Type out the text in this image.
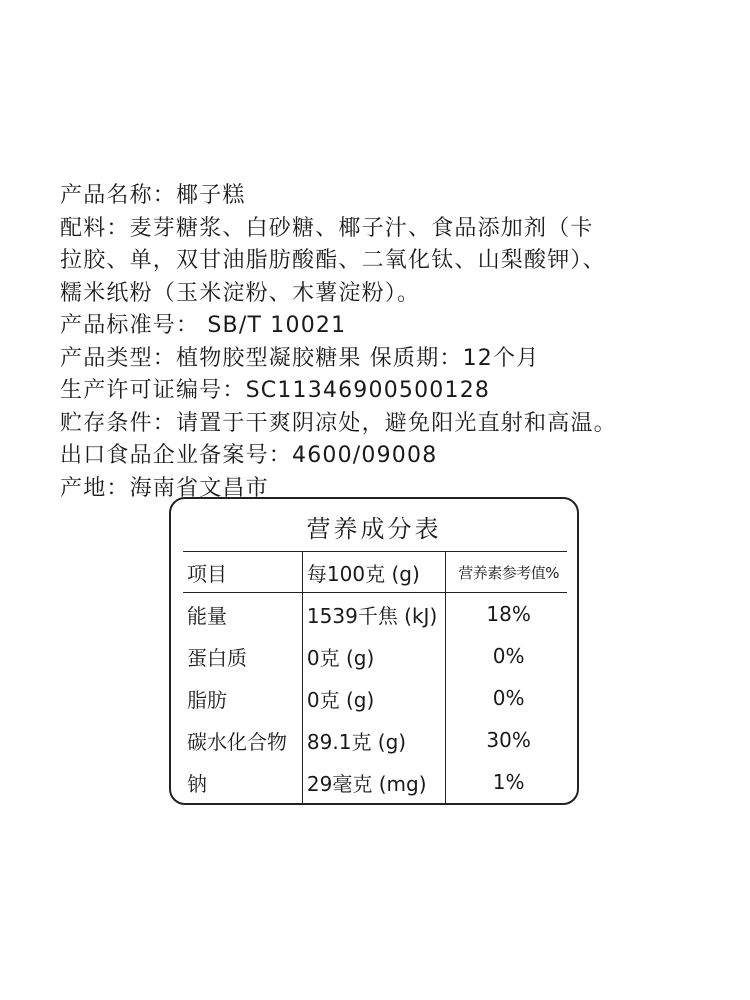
产品名称：椰子糕
配料：麦芽糖浆、白砂糖、椰子汁、食品添加剂（卡
拉胶、单，双甘油脂肪酸酯、二氧化钛、山梨酸钾）、
糯米纸粉（玉米淀粉、木薯淀粉）。
产品标准号： SB/T 10021
产品类型：植物胶型凝胶糖果 保质期：12个月
生产许可证编号：SC11346900500128
贮存条件：请置于干爽阴凉处，避免阳光直射和高温。
出口食品企业备案号：4600/09008
产地：海南省文昌市
营养成分表
项目	每100克 (g)	营养素参考值%
能量	1539千焦 (kJ)	18%
蛋白质	0克 (g)	0%
脂肪	0克 (g)	0%
碳水化合物	89.1克 (g)	30%
钠	29毫克 (mg)	1%
